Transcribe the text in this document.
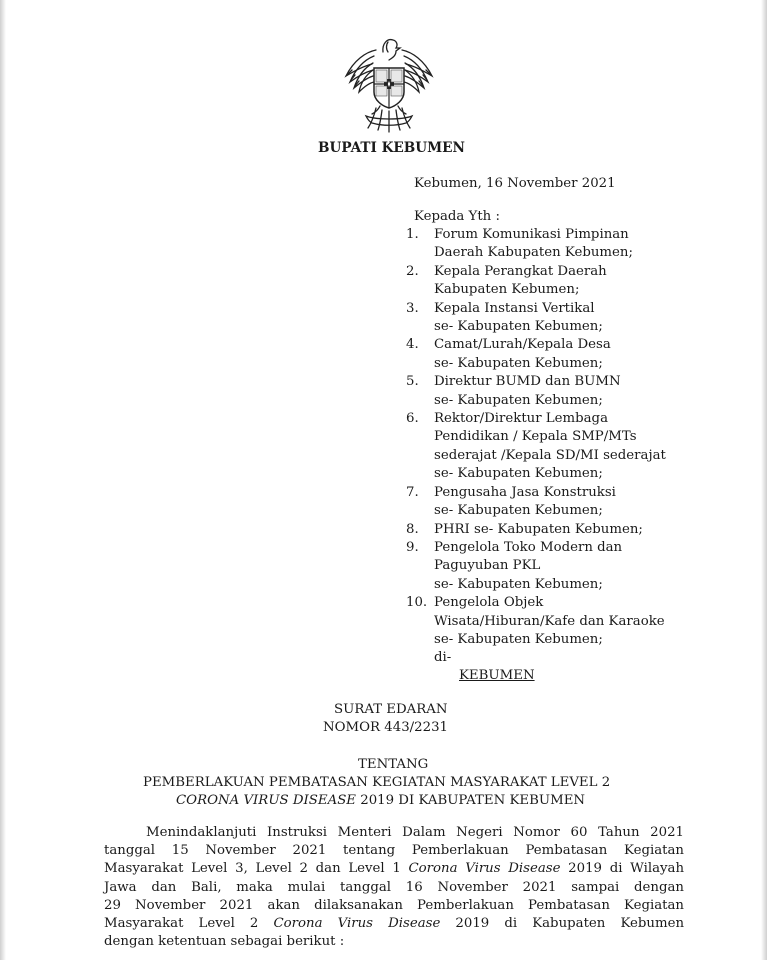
BUPATI KEBUMEN
Kebumen, 16 November 2021
Kepada Yth :
1. Forum Komunikasi Pimpinan
Daerah Kabupaten Kebumen;
2. Kepala Perangkat Daerah
Kabupaten Kebumen;
3. Kepala Instansi Vertikal
se- Kabupaten Kebumen;
4. Camat/Lurah/Kepala Desa
se- Kabupaten Kebumen;
5. Direktur BUMD dan BUMN
se- Kabupaten Kebumen;
6. Rektor/Direktur Lembaga
Pendidikan / Kepala SMP/MTs
sederajat /Kepala SD/MI sederajat
se- Kabupaten Kebumen;
7. Pengusaha Jasa Konstruksi
se- Kabupaten Kebumen;
8. PHRI se- Kabupaten Kebumen;
9. Pengelola Toko Modern dan
Paguyuban PKL
se- Kabupaten Kebumen;
10. Pengelola Objek
Wisata/Hiburan/Kafe dan Karaoke
se- Kabupaten Kebumen;
di-
KEBUMEN
SURAT EDARAN
NOMOR 443/2231
TENTANG
PEMBERLAKUAN PEMBATASAN KEGIATAN MASYARAKAT LEVEL 2
CORONA VIRUS DISEASE 2019 DI KABUPATEN KEBUMEN
Menindaklanjuti Instruksi Menteri Dalam Negeri Nomor 60 Tahun 2021
tanggal 15 November 2021 tentang Pemberlakuan Pembatasan Kegiatan
Masyarakat Level 3, Level 2 dan Level 1 Corona Virus Disease 2019 di Wilayah
Jawa dan Bali, maka mulai tanggal 16 November 2021 sampai dengan
29 November 2021 akan dilaksanakan Pemberlakuan Pembatasan Kegiatan
Masyarakat Level 2 Corona Virus Disease 2019 di Kabupaten Kebumen
dengan ketentuan sebagai berikut :
